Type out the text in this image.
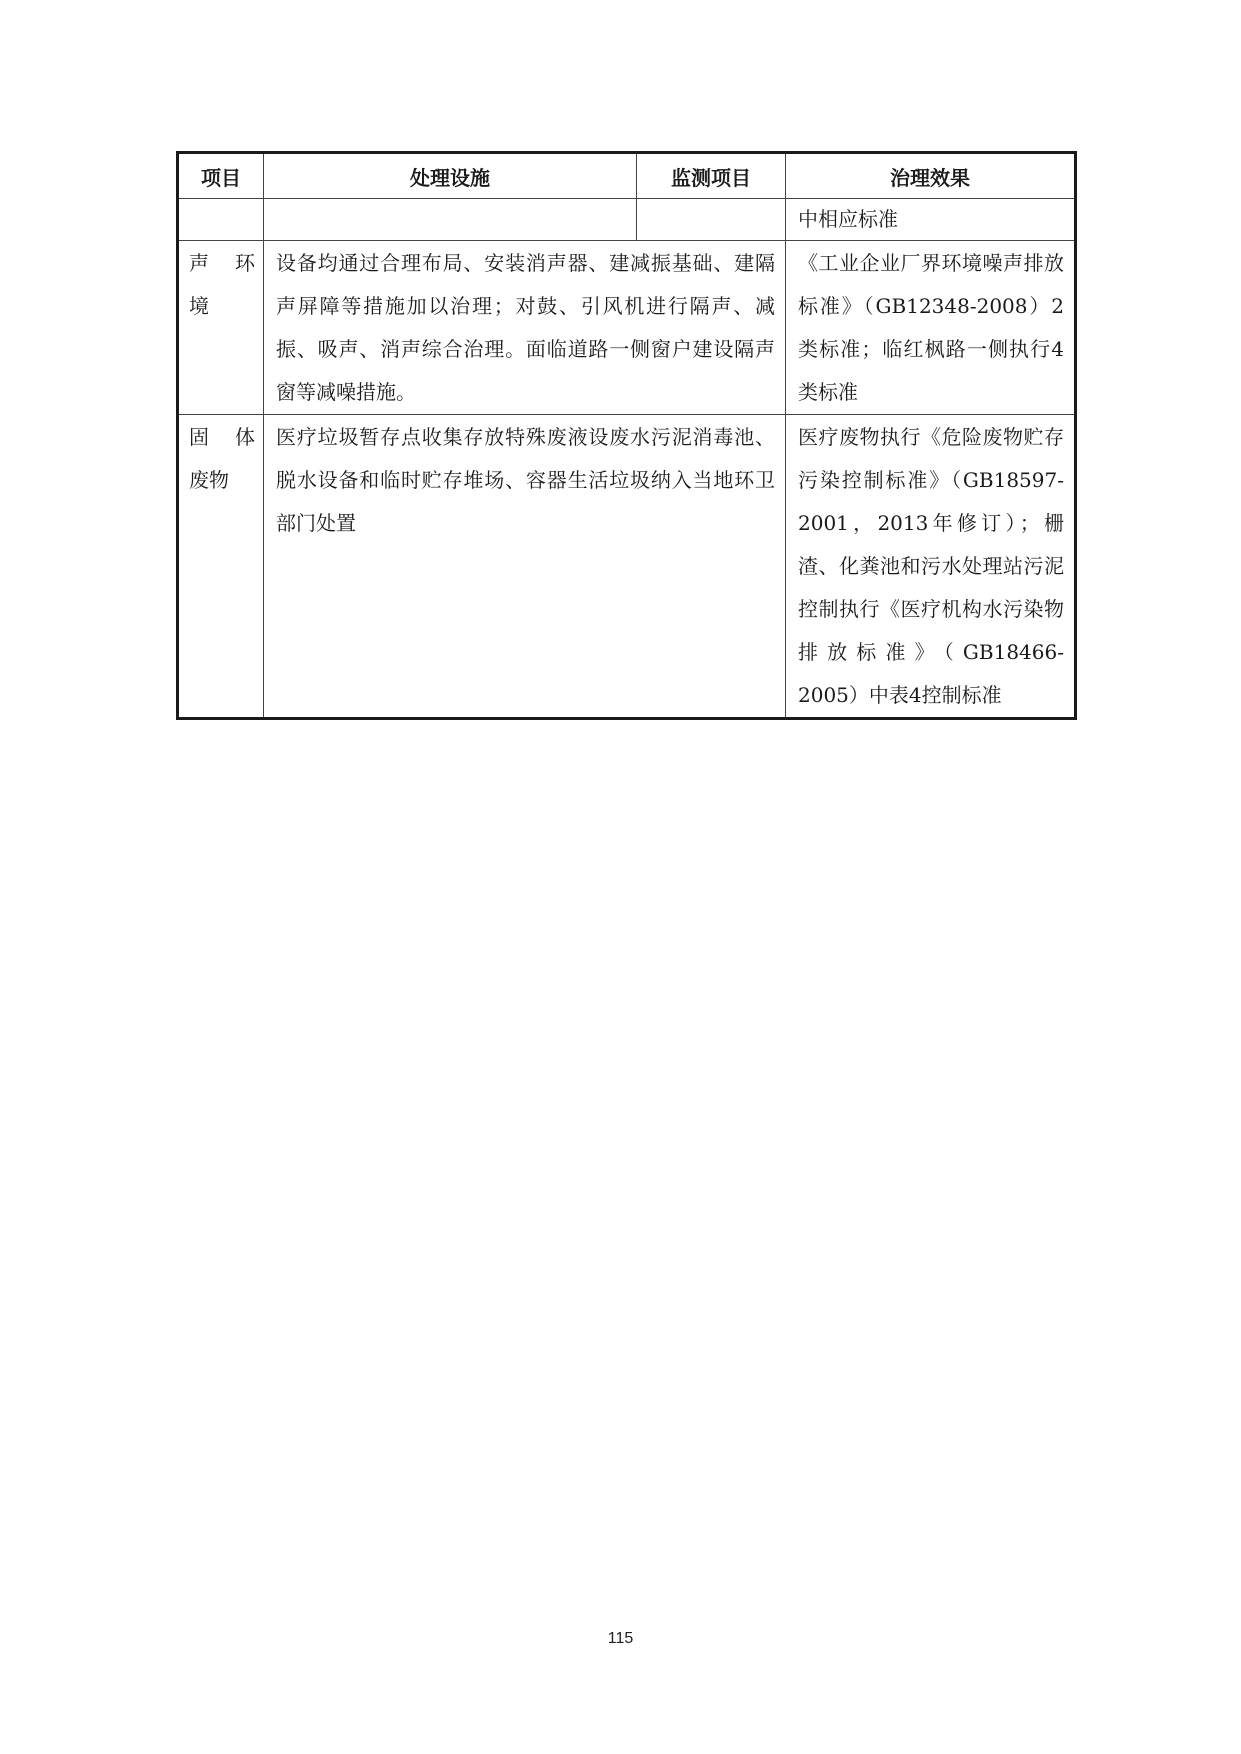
项目	处理设施	监测项目	治理效果

			中相应标准

声　环境	设备均通过合理布局、安装消声器、建减振基础、建隔声屏障等措施加以治理；对鼓、引风机进行隔声、减振、吸声、消声综合治理。面临道路一侧窗户建设隔声窗等减噪措施。		《工业企业厂界环境噪声排放标准》（GB12348-2008）2类标准；临红枫路一侧执行4类标准

固　体废物	医疗垃圾暂存点收集存放特殊废液设废水污泥消毒池、脱水设备和临时贮存堆场、容器生活垃圾纳入当地环卫部门处置		医疗废物执行《危险废物贮存污染控制标准》（GB18597-2001，2013年修订）；栅渣、化粪池和污水处理站污泥控制执行《医疗机构水污染物排放标准》（GB18466-2005）中表4控制标准
115
